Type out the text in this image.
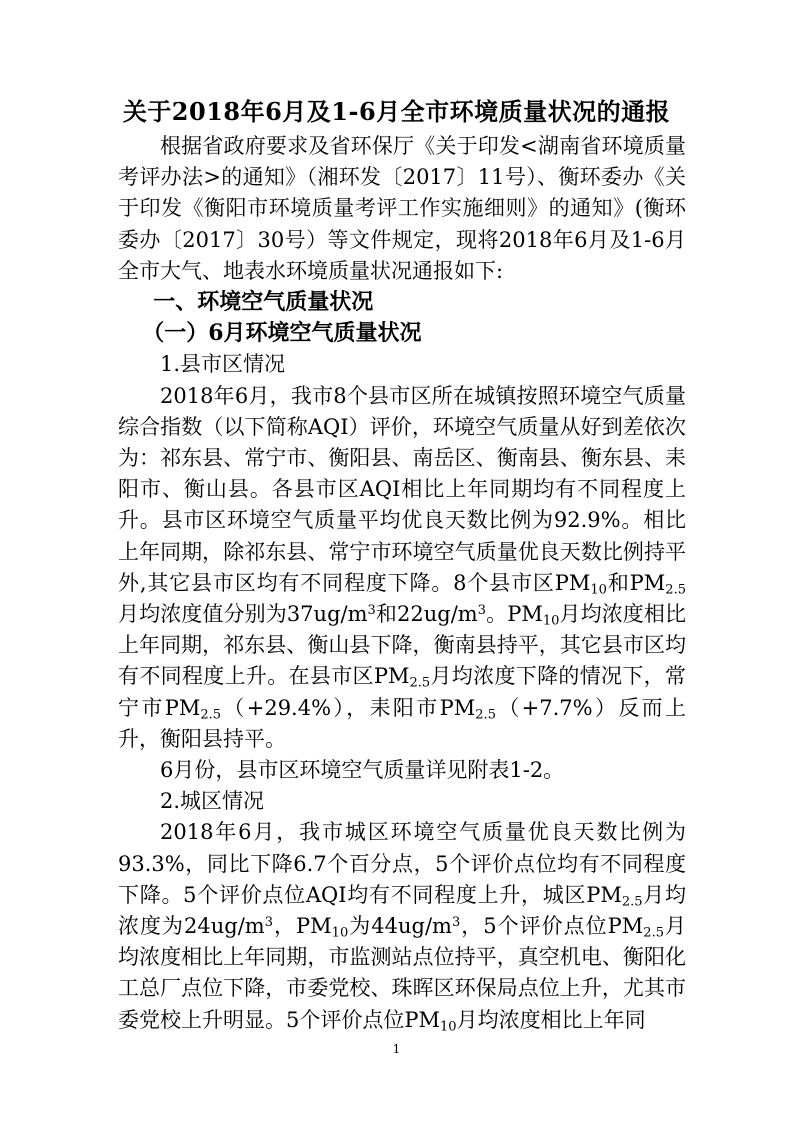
关于2018年6月及1-6月全市环境质量状况的通报

根据省政府要求及省环保厅《关于印发<湖南省环境质量考评办法>的通知》（湘环发〔2017〕11号）、衡环委办《关于印发《衡阳市环境质量考评工作实施细则》的通知》(衡环委办〔2017〕30号）等文件规定，现将2018年6月及1-6月全市大气、地表水环境质量状况通报如下:

一、环境空气质量状况

（一）6月环境空气质量状况

1.县市区情况

2018年6月，我市8个县市区所在城镇按照环境空气质量综合指数（以下简称AQI）评价，环境空气质量从好到差依次为：祁东县、常宁市、衡阳县、南岳区、衡南县、衡东县、耒阳市、衡山县。各县市区AQI相比上年同期均有不同程度上升。县市区环境空气质量平均优良天数比例为92.9%。相比上年同期，除祁东县、常宁市环境空气质量优良天数比例持平外,其它县市区均有不同程度下降。8个县市区$PM_{10}$和$PM_{2.5}$月均浓度值分别为$37ug/m^3$和$22ug/m^3$。$PM_{10}$月均浓度相比上年同期，祁东县、衡山县下降，衡南县持平，其它县市区均有不同程度上升。在县市区$PM_{2.5}$月均浓度下降的情况下，常宁市$PM_{2.5}(+29.4\%)$，耒阳市$PM_{2.5}(+7.7\%)$反而上升，衡阳县持平。

6月份，县市区环境空气质量详见附表1-2。

2.城区情况

2018年6月，我市城区环境空气质量优良天数比例为93.3%，同比下降6.7个百分点，5个评价点位均有不同程度下降。5个评价点位AQI均有不同程度上升，城区$PM_{2.5}$月均浓度为$24ug/m^3$，$PM_{10}$为$44ug/m^3$，5个评价点位$PM_{2.5}$月均浓度相比上年同期，市监测站点位持平，真空机电、衡阳化工总厂点位下降，市委党校、珠晖区环保局点位上升，尤其市委党校上升明显。5个评价点位$PM_{10}$月均浓度相比上年同

1
